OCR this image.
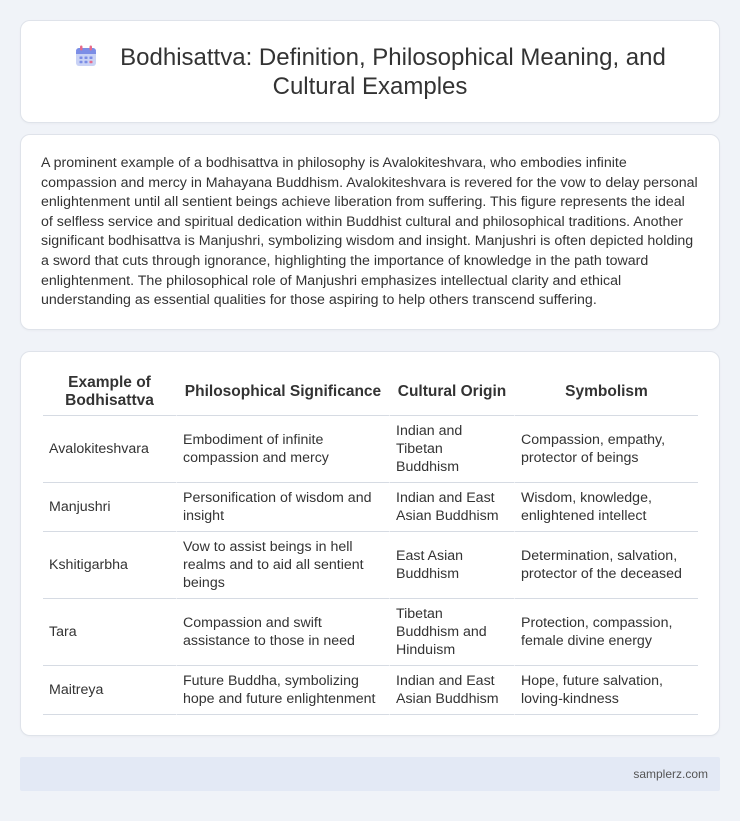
Bodhisattva: Definition, Philosophical Meaning, and Cultural Examples

A prominent example of a bodhisattva in philosophy is Avalokiteshvara, who embodies infinite compassion and mercy in Mahayana Buddhism. Avalokiteshvara is revered for the vow to delay personal enlightenment until all sentient beings achieve liberation from suffering. This figure represents the ideal of selfless service and spiritual dedication within Buddhist cultural and philosophical traditions. Another significant bodhisattva is Manjushri, symbolizing wisdom and insight. Manjushri is often depicted holding a sword that cuts through ignorance, highlighting the importance of knowledge in the path toward enlightenment. The philosophical role of Manjushri emphasizes intellectual clarity and ethical understanding as essential qualities for those aspiring to help others transcend suffering.

Example of Bodhisattva	Philosophical Significance	Cultural Origin	Symbolism
Avalokiteshvara	Embodiment of infinite compassion and mercy	Indian and Tibetan Buddhism	Compassion, empathy, protector of beings
Manjushri	Personification of wisdom and insight	Indian and East Asian Buddhism	Wisdom, knowledge, enlightened intellect
Kshitigarbha	Vow to assist beings in hell realms and to aid all sentient beings	East Asian Buddhism	Determination, salvation, protector of the deceased
Tara	Compassion and swift assistance to those in need	Tibetan Buddhism and Hinduism	Protection, compassion, female divine energy
Maitreya	Future Buddha, symbolizing hope and future enlightenment	Indian and East Asian Buddhism	Hope, future salvation, loving-kindness
samplerz.com
